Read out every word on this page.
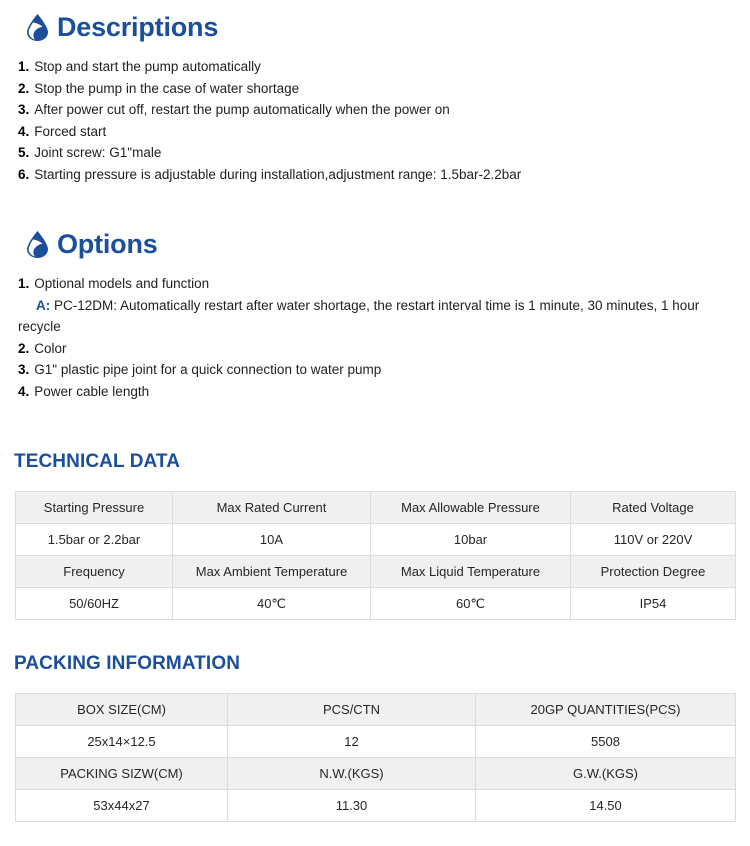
Descriptions
1. Stop and start the pump automatically
2. Stop the pump in the case of water shortage
3. After power cut off, restart the pump automatically when the power on
4. Forced start
5. Joint screw: G1"male
6. Starting pressure is adjustable during installation,adjustment range: 1.5bar-2.2bar
Options
1. Optional models and function
A: PC-12DM: Automatically restart after water shortage, the restart interval time is 1 minute, 30 minutes, 1 hour recycle
2. Color
3. G1" plastic pipe joint for a quick connection to water pump
4. Power cable length
TECHNICAL DATA
Starting Pressure	Max Rated Current	Max Allowable Pressure	Rated Voltage
1.5bar or 2.2bar	10A	10bar	110V or 220V
Frequency	Max Ambient Temperature	Max Liquid Temperature	Protection Degree
50/60HZ	40℃	60℃	IP54
PACKING INFORMATION
BOX SIZE(CM)	PCS/CTN	20GP QUANTITIES(PCS)
25x14×12.5	12	5508
PACKING SIZW(CM)	N.W.(KGS)	G.W.(KGS)
53x44x27	11.30	14.50
